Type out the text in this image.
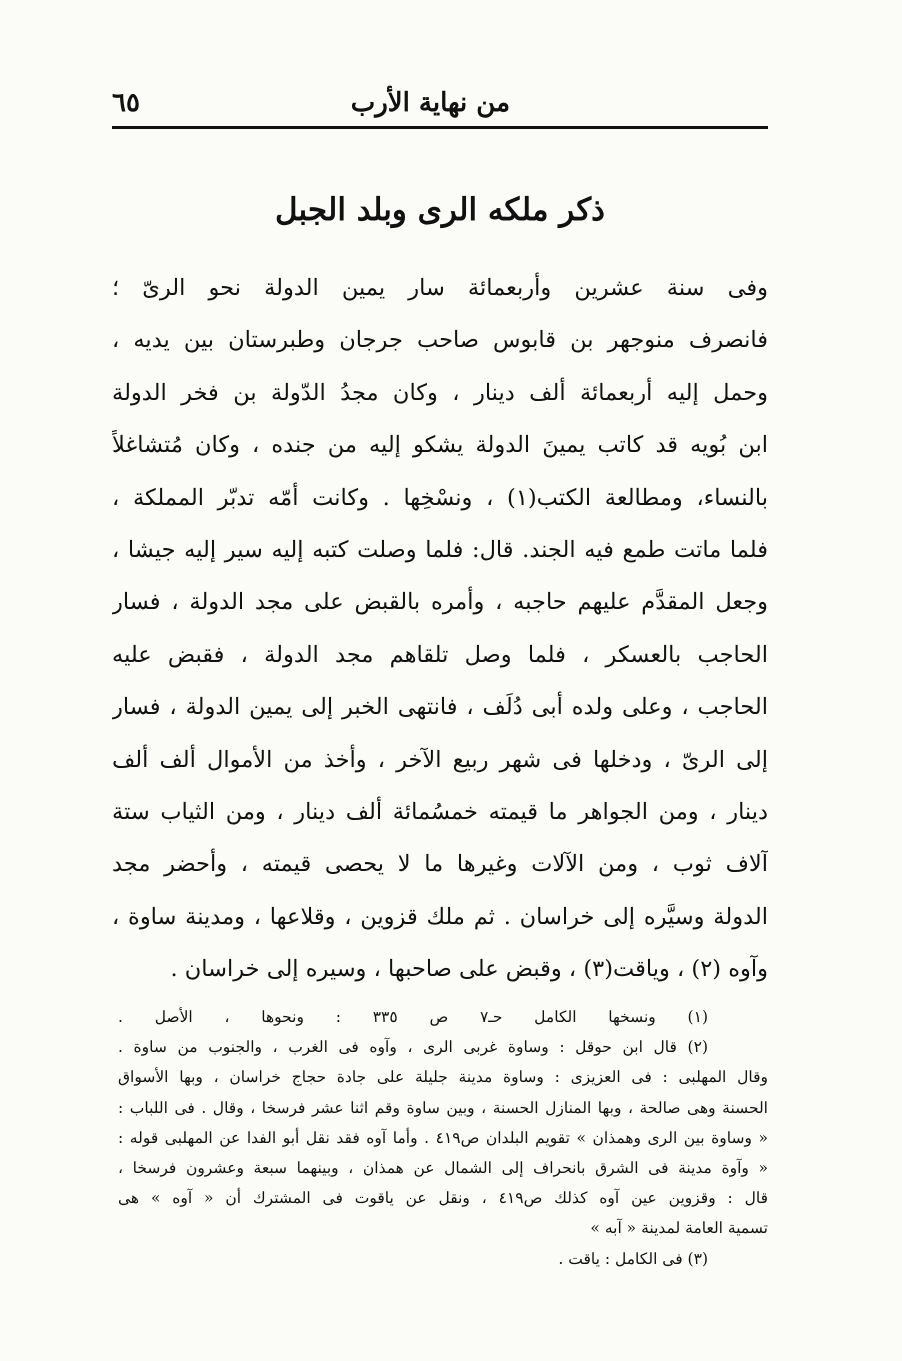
من نهاية الأرب
٦٥
ذكر ملكه الرى وبلد الجبل
وفى سنة عشرين وأربعمائة سار يمين الدولة نحو الرىّ ؛
فانصرف منوجهر بن قابوس صاحب جرجان وطبرستان بين يديه ،
وحمل إليه أربعمائة ألف دينار ، وكان مجدُ الدّولة بن فخر الدولة
ابن بُويه قد كاتب يمينَ الدولة يشكو إليه من جنده ، وكان مُتشاغلاً
بالنساء، ومطالعة الكتب(١) ، ونسْخِها . وكانت أمّه تدبّر المملكة ،
فلما ماتت طمع فيه الجند. قال: فلما وصلت كتبه إليه سير إليه جيشا ،
وجعل المقدَّم عليهم حاجبه ، وأمره بالقبض على مجد الدولة ، فسار
الحاجب بالعسكر ، فلما وصل تلقاهم مجد الدولة ، فقبض عليه
الحاجب ، وعلى ولده أبى دُلَف ، فانتهى الخبر إلى يمين الدولة ، فسار
إلى الرىّ ، ودخلها فى شهر ربيع الآخر ، وأخذ من الأموال ألف ألف
دينار ، ومن الجواهر ما قيمته خمسُمائة ألف دينار ، ومن الثياب ستة
آلاف ثوب ، ومن الآلات وغيرها ما لا يحصى قيمته ، وأحضر مجد
الدولة وسيَّره إلى خراسان . ثم ملك قزوين ، وقلاعها ، ومدينة ساوة ،
وآوه (٢) ، وياقت(٣) ، وقبض على صاحبها ، وسيره إلى خراسان .
(١) ونسخها الكامل حـ٧ ص ٣٣٥ : ونحوها ، الأصل .
(٢) قال ابن حوقل : وساوة غربى الرى ، وآوه فى الغرب ، والجنوب من ساوة .
وقال المهلبى : فى العزيزى : وساوة مدينة جليلة على جادة حجاج خراسان ، وبها الأسواق
الحسنة وهى صالحة ، وبها المنازل الحسنة ، وبين ساوة وقم اثنا عشر فرسخا ، وقال . فى اللباب :
« وساوة بين الرى وهمذان » تقويم البلدان ص٤١٩ . وأما آوه فقد نقل أبو الفدا عن المهلبى قوله :
« وآوة مدينة فى الشرق بانحراف إلى الشمال عن همذان ، وبينهما سبعة وعشرون فرسخا ،
قال : وقزوين عين آوه كذلك ص٤١٩ ، ونقل عن ياقوت فى المشترك أن « آوه » هى
تسمية العامة لمدينة « آبه »
(٣) فى الكامل : ياقت .
